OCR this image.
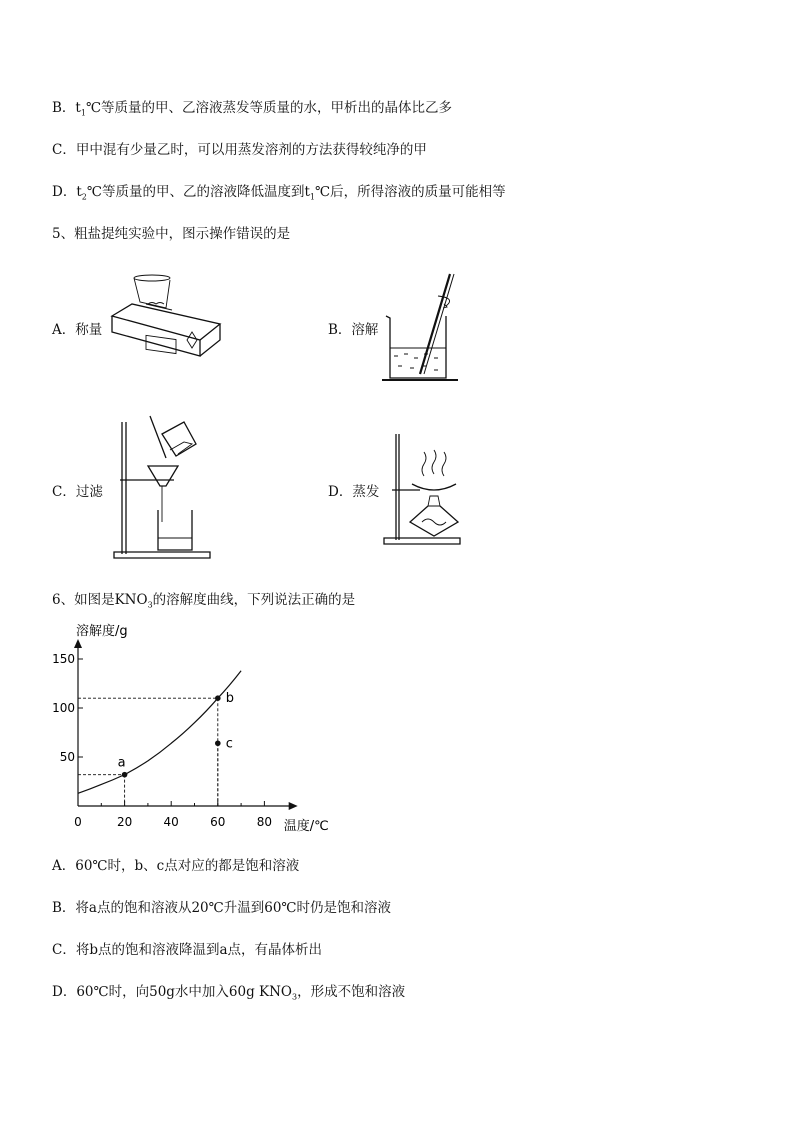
B．$t_1℃$等质量的甲、乙溶液蒸发等质量的水，甲析出的晶体比乙多
C．甲中混有少量乙时，可以用蒸发溶剂的方法获得较纯净的甲
D．$t_2℃$等质量的甲、乙的溶液降低温度到$t_1℃$后，所得溶液的质量可能相等
5、粗盐提纯实验中，图示操作错误的是
A．称量	B．溶解
C．过滤	D．蒸发
6、如图是$KNO_3$的溶解度曲线，下列说法正确的是
0	20	40	60	80
50
100
150
溶解度/g
温度/℃
a
b
c
A．60℃时，b、c点对应的都是饱和溶液
B．将a点的饱和溶液从20℃升温到60℃时仍是饱和溶液
C．将b点的饱和溶液降温到a点，有晶体析出
D．60℃时，向50g水中加入60g $KNO_3$，形成不饱和溶液
